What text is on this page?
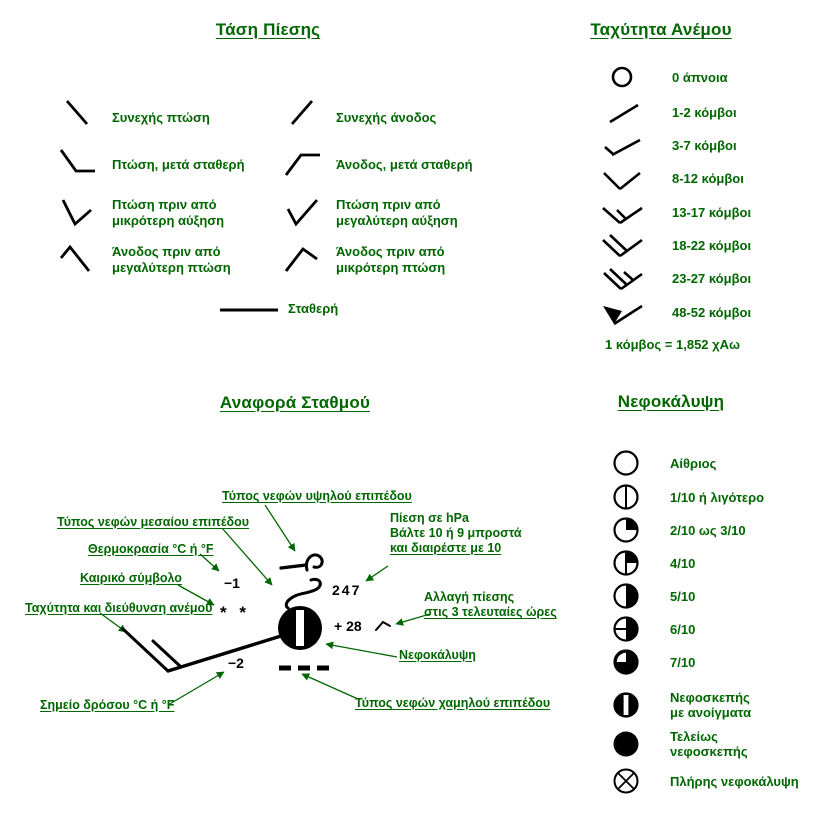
Τάση Πίεσης
Συνεχής πτώση
Πτώση, μετά σταθερή
Πτώση πριν από
μικρότερη αύξηση
Άνοδος πριν από
μεγαλύτερη πτώση
Συνεχής άνοδος
Άνοδος, μετά σταθερή
Πτώση πριν από
μεγαλύτερη αύξηση
Άνοδος πριν από
μικρότερη πτώση
Σταθερή
Ταχύτητα Ανέμου
0 άπνοια
1-2 κόμβοι
3-7 κόμβοι
8-12 κόμβοι
13-17 κόμβοι
18-22 κόμβοι
23-27 κόμβοι
48-52 κόμβοι
1 κόμβος = 1,852 χΑω
Αναφορά Σταθμού
Τύπος νεφών υψηλού επιπέδου
Τύπος νεφών μεσαίου επιπέδου
Θερμοκρασία °C ή °F
Καιρικό σύμβολο
Ταχύτητα και διεύθυνση ανέμου
Πίεση σε hPa
Βάλτε 10 ή 9 μπροστά
και διαιρέστε με 10
Αλλαγή πίεσης
στις 3 τελευταίες ώρες
Νεφοκάλυψη
Σημείο δρόσου °C ή °F	Τύπος νεφών χαμηλού επιπέδου
−1
* *
247
+ 28
−2
Νεφοκάλυψη
Αίθριος
1/10 ή λιγότερο
2/10 ως 3/10
4/10
5/10
6/10
7/10
Νεφοσκεπής
με ανοίγματα
Τελείως
νεφοσκεπής
Πλήρης νεφοκάλυψη
